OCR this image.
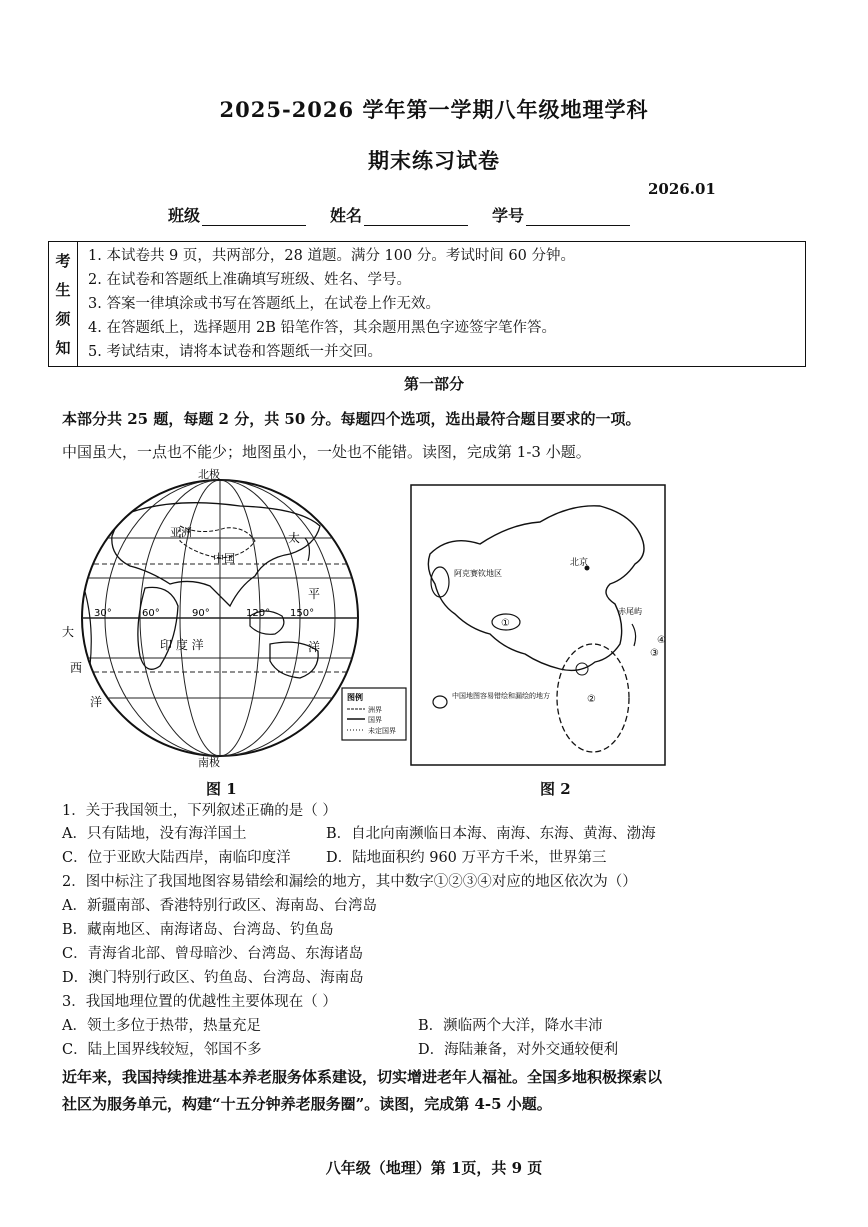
2025-2026 学年第一学期八年级地理学科
期末练习试卷
2026.01
班级	姓名	学号
考
生
须
知
1. 本试卷共 9 页，共两部分，28 道题。满分 100 分。考试时间 60 分钟。
2. 在试卷和答题纸上准确填写班级、姓名、学号。
3. 答案一律填涂或书写在答题纸上，在试卷上作无效。
4. 在答题纸上，选择题用 2B 铅笔作答，其余题用黑色字迹签字笔作答。
5. 考试结束，请将本试卷和答题纸一并交回。
第一部分
本部分共 25 题，每题 2 分，共 50 分。每题四个选项，选出最符合题目要求的一项。
中国虽大，一点也不能少；地图虽小，一处也不能错。读图，完成第 1-3 小题。
北极
南极
亚洲
中国
太
平
洋
大
西
洋
印 度 洋
30°	60°	90°	120° 150°
图例
洲界
国界
未定国界
图 1
北京
阿克赛钦地区
①
赤尾屿
④
③
②
中国地图容易错绘和漏绘的地方
图 2
1．关于我国领土，下列叙述正确的是（ ）
A．只有陆地，没有海洋国土	B．自北向南濒临日本海、南海、东海、黄海、渤海
C．位于亚欧大陆西岸，南临印度洋 D．陆地面积约 960 万平方千米，世界第三
2．图中标注了我国地图容易错绘和漏绘的地方，其中数字①②③④对应的地区依次为（）
A．新疆南部、香港特别行政区、海南岛、台湾岛
B．藏南地区、南海诸岛、台湾岛、钓鱼岛
C．青海省北部、曾母暗沙、台湾岛、东海诸岛
D．澳门特别行政区、钓鱼岛、台湾岛、海南岛
3．我国地理位置的优越性主要体现在（ ）
A．领土多位于热带，热量充足	B．濒临两个大洋，降水丰沛
C．陆上国界线较短，邻国不多	D．海陆兼备，对外交通较便利
近年来，我国持续推进基本养老服务体系建设，切实增进老年人福祉。全国多地积极探索以
社区为服务单元，构建“十五分钟养老服务圈”。读图，完成第 4-5 小题。
八年级（地理）第 1页，共 9 页
